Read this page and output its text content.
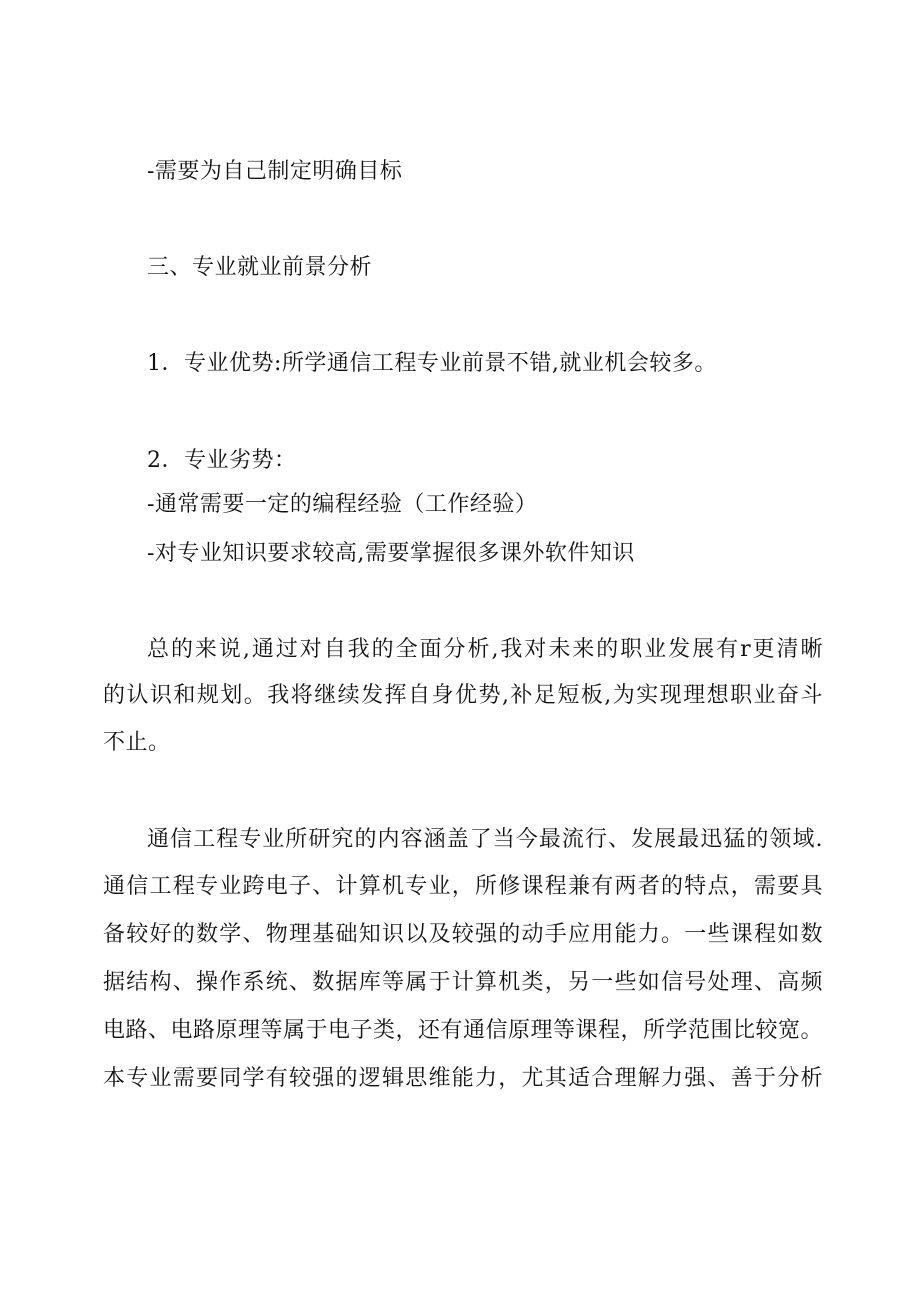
-需要为自己制定明确目标
三、专业就业前景分析
1．专业优势:所学通信工程专业前景不错,就业机会较多。
2．专业劣势：
-通常需要一定的编程经验（工作经验）
-对专业知识要求较高,需要掌握很多课外软件知识
总的来说,通过对自我的全面分析,我对未来的职业发展有r更清晰
的认识和规划。我将继续发挥自身优势,补足短板,为实现理想职业奋斗
不止。
通信工程专业所研究的内容涵盖了当今最流行、发展最迅猛的领域.
通信工程专业跨电子、计算机专业，所修课程兼有两者的特点，需要具
备较好的数学、物理基础知识以及较强的动手应用能力。一些课程如数
据结构、操作系统、数据库等属于计算机类，另一些如信号处理、高频
电路、电路原理等属于电子类，还有通信原理等课程，所学范围比较宽。
本专业需要同学有较强的逻辑思维能力，尤其适合理解力强、善于分析
